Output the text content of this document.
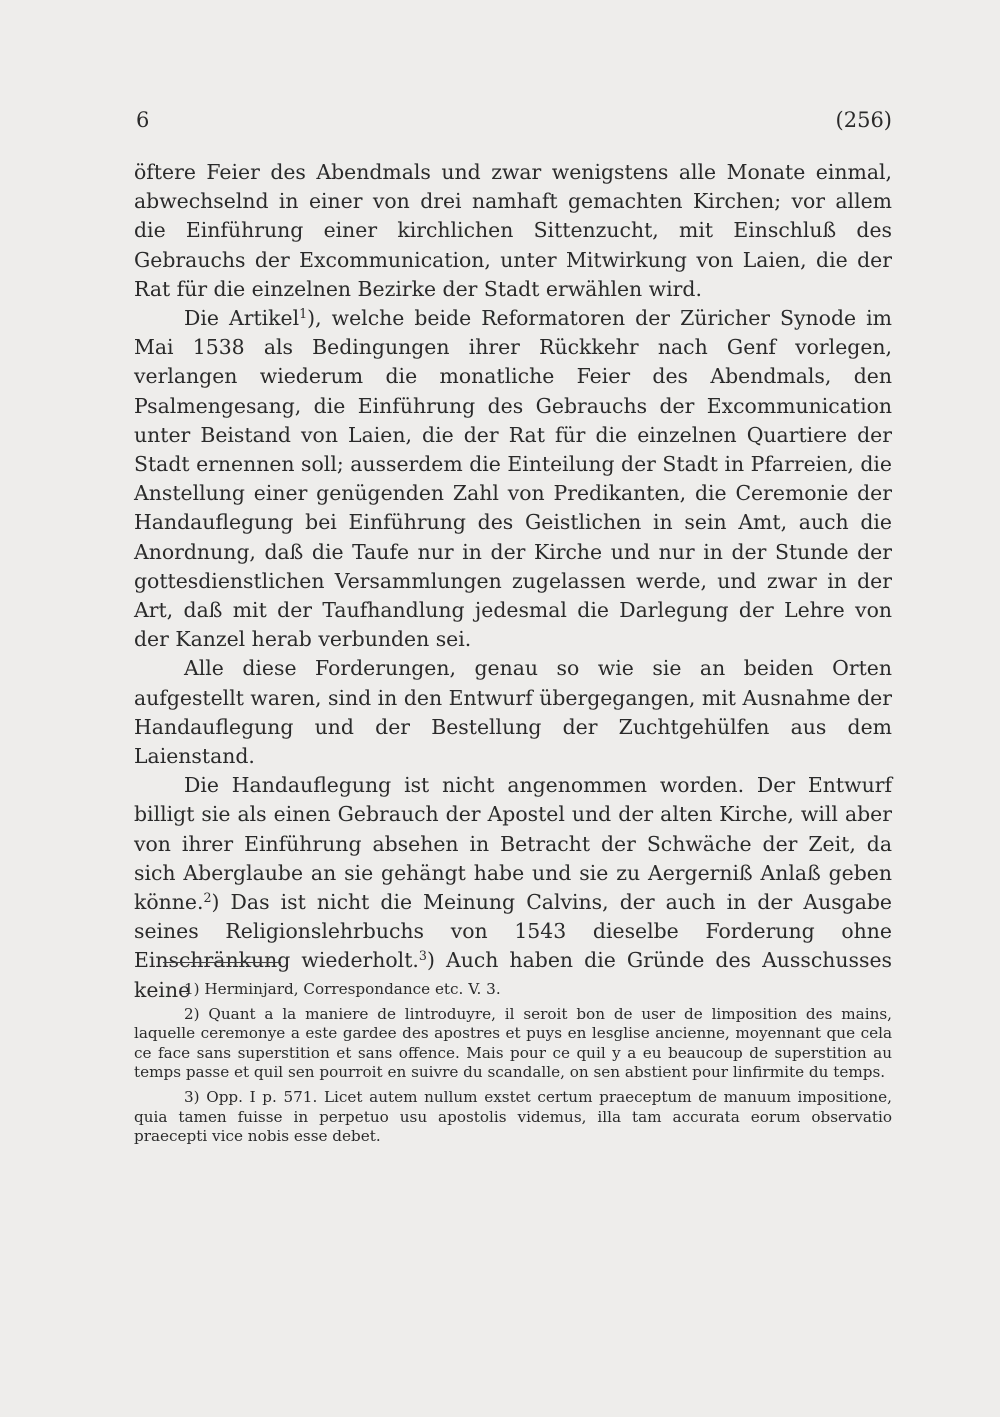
6	(256)

öftere Feier des Abendmals und zwar wenigstens alle Monate einmal, abwechselnd in einer von drei namhaft gemachten Kirchen; vor allem die Einführung einer kirchlichen Sittenzucht, mit Einschluß des Gebrauchs der Excommunication, unter Mitwirkung von Laien, die der Rat für die einzelnen Bezirke der Stadt erwählen wird.

Die Artikel$^1$), welche beide Reformatoren der Züricher Synode im Mai 1538 als Bedingungen ihrer Rückkehr nach Genf vorlegen, verlangen wiederum die monatliche Feier des Abendmals, den Psalmengesang, die Einführung des Gebrauchs der Excommunication unter Beistand von Laien, die der Rat für die einzelnen Quartiere der Stadt ernennen soll; ausserdem die Einteilung der Stadt in Pfarreien, die Anstellung einer genügenden Zahl von Predikanten, die Ceremonie der Handauflegung bei Einführung des Geistlichen in sein Amt, auch die Anordnung, daß die Taufe nur in der Kirche und nur in der Stunde der gottesdienstlichen Versammlungen zugelassen werde, und zwar in der Art, daß mit der Taufhandlung jedesmal die Darlegung der Lehre von der Kanzel herab verbunden sei.

Alle diese Forderungen, genau so wie sie an beiden Orten aufgestellt waren, sind in den Entwurf übergegangen, mit Ausnahme der Handauflegung und der Bestellung der Zuchtgehülfen aus dem Laienstand.

Die Handauflegung ist nicht angenommen worden. Der Entwurf billigt sie als einen Gebrauch der Apostel und der alten Kirche, will aber von ihrer Einführung absehen in Betracht der Schwäche der Zeit, da sich Aberglaube an sie gehängt habe und sie zu Aergerniß Anlaß geben könne.$^2$) Das ist nicht die Meinung Calvins, der auch in der Ausgabe seines Religionslehrbuchs von 1543 dieselbe Forderung ohne Einschränkung wiederholt.$^3$) Auch haben die Gründe des Ausschusses keine

1) Herminjard, Correspondance etc. V. 3.

2) Quant a la maniere de lintroduyre, il seroit bon de user de limposition des mains, laquelle ceremonye a este gardee des apostres et puys en lesglise ancienne, moyennant que cela ce face sans superstition et sans offence. Mais pour ce quil y a eu beaucoup de superstition au temps passe et quil sen pourroit en suivre du scandalle, on sen abstient pour linfirmite du temps.

3) Opp. I p. 571. Licet autem nullum exstet certum praeceptum de manuum impositione, quia tamen fuisse in perpetuo usu apostolis videmus, illa tam accurata eorum observatio praecepti vice nobis esse debet.
